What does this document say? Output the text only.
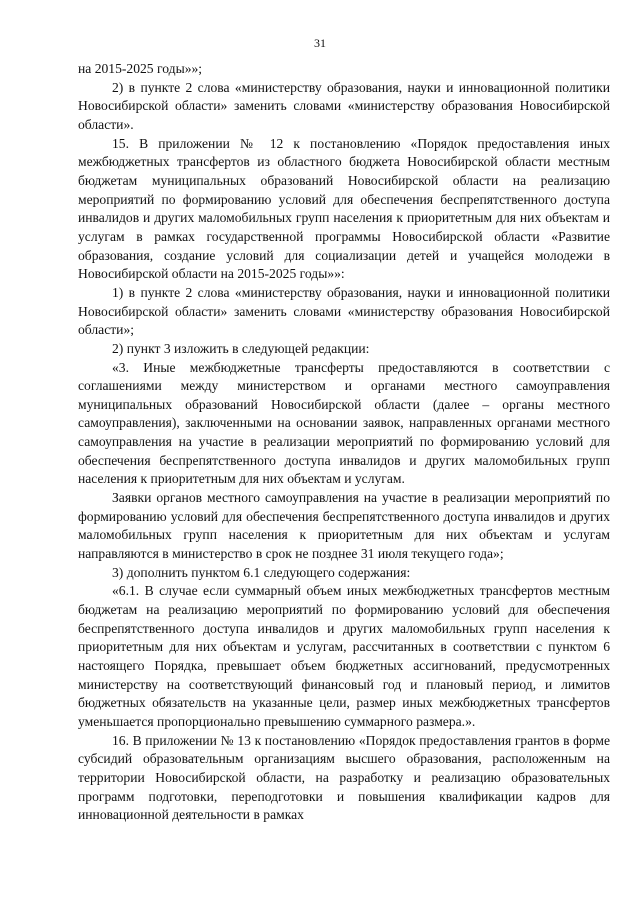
31

на 2015-2025 годы»»;

2) в пункте 2 слова «министерству образования, науки и инновационной политики Новосибирской области» заменить словами «министерству образования Новосибирской области».

15. В приложении № 12 к постановлению «Порядок предоставления иных межбюджетных трансфертов из областного бюджета Новосибирской области местным бюджетам муниципальных образований Новосибирской области на реализацию мероприятий по формированию условий для обеспечения беспрепятственного доступа инвалидов и других маломобильных групп населения к приоритетным для них объектам и услугам в рамках государственной программы Новосибирской области «Развитие образования, создание условий для социализации детей и учащейся молодежи в Новосибирской области на 2015-2025 годы»»:

1) в пункте 2 слова «министерству образования, науки и инновационной политики Новосибирской области» заменить словами «министерству образования Новосибирской области»;

2) пункт 3 изложить в следующей редакции:

«3. Иные межбюджетные трансферты предоставляются в соответствии с соглашениями между министерством и органами местного самоуправления муниципальных образований Новосибирской области (далее – органы местного самоуправления), заключенными на основании заявок, направленных органами местного самоуправления на участие в реализации мероприятий по формированию условий для обеспечения беспрепятственного доступа инвалидов и других маломобильных групп населения к приоритетным для них объектам и услугам.

Заявки органов местного самоуправления на участие в реализации мероприятий по формированию условий для обеспечения беспрепятственного доступа инвалидов и других маломобильных групп населения к приоритетным для них объектам и услугам направляются в министерство в срок не позднее 31 июля текущего года»;

3) дополнить пунктом 6.1 следующего содержания:

«6.1. В случае если суммарный объем иных межбюджетных трансфертов местным бюджетам на реализацию мероприятий по формированию условий для обеспечения беспрепятственного доступа инвалидов и других маломобильных групп населения к приоритетным для них объектам и услугам, рассчитанных в соответствии с пунктом 6 настоящего Порядка, превышает объем бюджетных ассигнований, предусмотренных министерству на соответствующий финансовый год и плановый период, и лимитов бюджетных обязательств на указанные цели, размер иных межбюджетных трансфертов уменьшается пропорционально превышению суммарного размера.».

16. В приложении № 13 к постановлению «Порядок предоставления грантов в форме субсидий образовательным организациям высшего образования, расположенным на территории Новосибирской области, на разработку и реализацию образовательных программ подготовки, переподготовки и повышения квалификации кадров для инновационной деятельности в рамках
